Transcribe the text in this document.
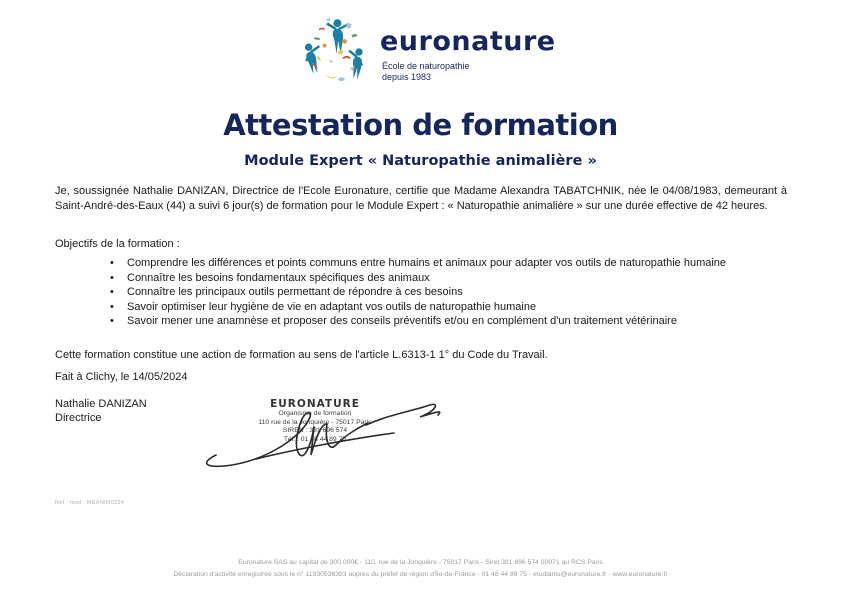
euronature
École de naturopathie
depuis 1983
Attestation de formation
Module Expert « Naturopathie animalière »
Je, soussignée Nathalie DANIZAN, Directrice de l'Ecole Euronature, certifie que Madame Alexandra TABATCHNIK, née le 04/08/1983, demeurant à Saint-André-des-Eaux (44) a suivi 6 jour(s) de formation pour le Module Expert : « Naturopathie animalière » sur une durée effective de 42 heures.
Objectifs de la formation :
• Comprendre les différences et points communs entre humains et animaux pour adapter vos outils de naturopathie humaine
• Connaître les besoins fondamentaux spécifiques des animaux
• Connaître les principaux outils permettant de répondre à ces besoins
• Savoir optimiser leur hygiène de vie en adaptant vos outils de naturopathie humaine
• Savoir mener une anamnèse et proposer des conseils préventifs et/ou en complément d'un traitement vétérinaire
Cette formation constitue une action de formation au sens de l'article L.6313-1 1° du Code du Travail.
Fait à Clichy, le 14/05/2024
Nathalie DANIZAN
Directrice
EURONATURE
Organisme de formation
110 rue de la Jonquière - 75017 Paris
SIREN : 381 696 574
Tél. : 01 48 44 89 75
Réf : mod : MEANIM0224
Euronature SAS au capital de 300.000€ - 110, rue de la Jonquière - 75017 Paris - Siret 381 696 574 00071 au RCS Paris
Déclaration d'activité enregistrée sous le n° 11930536393 auprès du préfet de région d'Île-de-France - 01 48 44 89 75 - etudiants@euronature.fr - www.euronature.fr
